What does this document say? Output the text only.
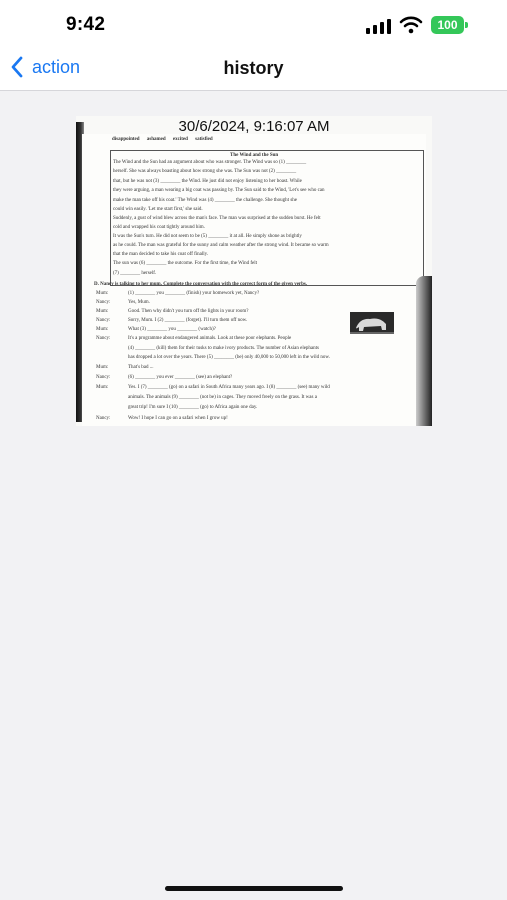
9:42	100
action	history
30/6/2024, 9:16:07 AM
disappointed ashamed excited satisfied
The Wind and the Sun
The Wind and the Sun had an argument about who was stronger. The Wind was so (1) ________
herself. She was always boasting about how strong she was. The Sun was not (2) ________
that, but he was not (3) ________ the Wind. He just did not enjoy listening to her boast. While
they were arguing, a man wearing a big coat was passing by. The Sun said to the Wind, 'Let's see who can
make the man take off his coat.' The Wind was (4) ________ the challenge. She thought she
could win easily. 'Let me start first,' she said.
Suddenly, a gust of wind blew across the man's face. The man was surprised at the sudden burst. He felt
cold and wrapped his coat tightly around him.
It was the Sun's turn. He did not seem to be (5) ________ it at all. He simply shone as brightly
as he could. The man was grateful for the sunny and calm weather after the strong wind. It became so warm
that the man decided to take his coat off finally.
The sun was (6) ________ the outcome. For the first time, the Wind felt
(7) ________ herself.
D. Nancy is talking to her mum. Complete the conversation with the correct form of the given verbs.
Mum:	(1) ________ you ________ (finish) your homework yet, Nancy?
Nancy:	Yes, Mum.
Mum:	Good. Then why didn't you turn off the lights in your room?
Nancy:	Sorry, Mum. I (2) ________ (forget). I'll turn them off now.
Mum:	What (3) ________ you ________ (watch)?
Nancy:	It's a programme about endangered animals. Look at these poor elephants. People
(4) ________ (kill) them for their tusks to make ivory products. The number of Asian elephants
has dropped a lot over the years. There (5) ________ (be) only 40,000 to 50,000 left in the wild now.
Mum:	That's bad ...
Nancy:	(6) ________ you ever ________ (see) an elephant?
Mum:	Yes. I (7) ________ (go) on a safari in South Africa many years ago. I (8) ________ (see) many wild
animals. The animals (9) ________ (not be) in cages. They moved freely on the grass. It was a
great trip! I'm sure I (10) ________ (go) to Africa again one day.
Nancy:	Wow! I hope I can go on a safari when I grow up!
